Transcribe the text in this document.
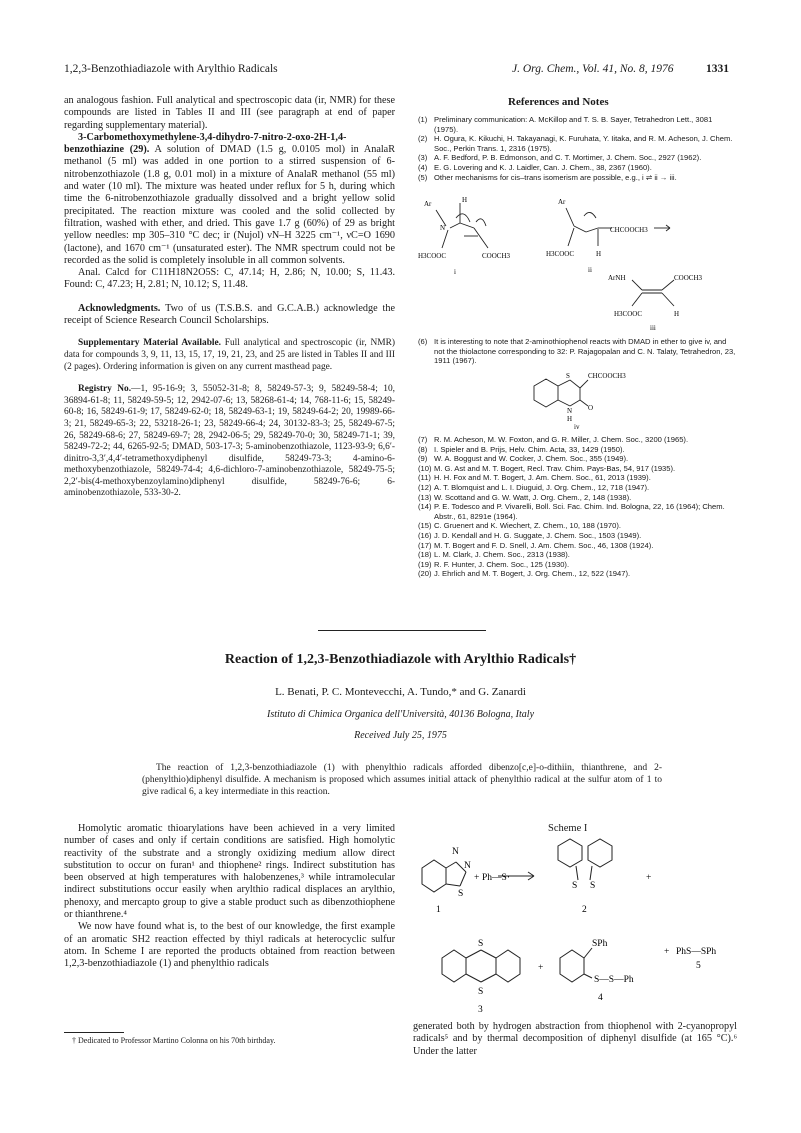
1,2,3-Benzothiadiazole with Arylthio Radicals	J. Org. Chem., Vol. 41, No. 8, 1976	1331

an analogous fashion. Full analytical and spectroscopic data (ir, NMR) for these compounds are listed in Tables II and III (see paragraph at end of paper regarding supplementary material).

3-Carbomethoxymethylene-3,4-dihydro-7-nitro-2-oxo-2H-1,4-benzothiazine (29). A solution of DMAD (1.5 g, 0.0105 mol) in AnalaR methanol (5 ml) was added in one portion to a stirred suspension of 6-nitrobenzothiazole (1.8 g, 0.01 mol) in a mixture of AnalaR methanol (55 ml) and water (10 ml). The mixture was heated under reflux for 5 h, during which time the 6-nitrobenzothiazole gradually dissolved and a bright yellow solid precipitated. The reaction mixture was cooled and the solid collected by filtration, washed with ether, and dried. This gave 1.7 g (60%) of 29 as bright yellow needles: mp 305–310 °C dec; ir (Nujol) νN–H 3225 cm⁻¹, νC=O 1690 (lactone), and 1670 cm⁻¹ (unsaturated ester). The NMR spectrum could not be recorded as the solid is completely insoluble in all common solvents.

Anal. Calcd for C11H18N2O5S: C, 47.14; H, 2.86; N, 10.00; S, 11.43. Found: C, 47.23; H, 2.81; N, 10.12; S, 11.48.

Acknowledgments. Two of us (T.S.B.S. and G.C.A.B.) acknowledge the receipt of Science Research Council Scholarships.

Supplementary Material Available. Full analytical and spectroscopic (ir, NMR) data for compounds 3, 9, 11, 13, 15, 17, 19, 21, 23, and 25 are listed in Tables II and III (2 pages). Ordering information is given on any current masthead page.

Registry No.—1, 95-16-9; 3, 55052-31-8; 8, 58249-57-3; 9, 58249-58-4; 10, 36894-61-8; 11, 58249-59-5; 12, 2942-07-6; 13, 58268-61-4; 14, 768-11-6; 15, 58249-60-8; 16, 58249-61-9; 17, 58249-62-0; 18, 58249-63-1; 19, 58249-64-2; 20, 19989-66-3; 21, 58249-65-3; 22, 53218-26-1; 23, 58249-66-4; 24, 30132-83-3; 25, 58249-67-5; 26, 58249-68-6; 27, 58249-69-7; 28, 2942-06-5; 29, 58249-70-0; 30, 58249-71-1; 39, 58249-72-2; 44, 6265-92-5; DMAD, 503-17-3; 5-aminobenzothiazole, 1123-93-9; 6,6′-dinitro-3,3′,4,4′-tetramethoxydiphenyl disulfide, 58249-73-3; 4-amino-6-methoxybenzothiazole, 58249-74-4; 4,6-dichloro-7-aminobenzothiazole, 58249-75-5; 2,2′-bis(4-methoxybenzoylamino)diphenyl disulfide, 58249-76-6; 6-aminobenzothiazole, 533-30-2.

References and Notes
(1) Preliminary communication: A. McKillop and T. S. B. Sayer, Tetrahedron Lett., 3081 (1975).
(2) H. Ogura, K. Kikuchi, H. Takayanagi, K. Furuhata, Y. Iitaka, and R. M. Acheson, J. Chem. Soc., Perkin Trans. 1, 2316 (1975).
(3) A. F. Bedford, P. B. Edmonson, and C. T. Mortimer, J. Chem. Soc., 2927 (1962).
(4) E. G. Lovering and K. J. Laidler, Can. J. Chem., 38, 2367 (1960).
(5) Other mechanisms for cis–trans isomerism are possible, e.g., i ⇌ ii → iii.
Ar	H
N
H3COOC	COOCH3
i
Ar
CHCOOCH3
H3COOC	H
ii
ArNH	COOCH3
H3COOC	H
iii
(6) It is interesting to note that 2-aminothiophenol reacts with DMAD in ether to give iv, and not the thiolactone corresponding to 32: P. Rajagopalan and C. N. Talaty, Tetrahedron, 23, 1911 (1967).
S	CHCOOCH3
N
H
O
iv
(7) R. M. Acheson, M. W. Foxton, and G. R. Miller, J. Chem. Soc., 3200 (1965).
(8) I. Spieler and B. Prijs, Helv. Chim. Acta, 33, 1429 (1950).
(9) W. A. Boggust and W. Cocker, J. Chem. Soc., 355 (1949).
(10) M. G. Ast and M. T. Bogert, Recl. Trav. Chim. Pays-Bas, 54, 917 (1935).
(11) H. H. Fox and M. T. Bogert, J. Am. Chem. Soc., 61, 2013 (1939).
(12) A. T. Blomquist and L. I. Diuguid, J. Org. Chem., 12, 718 (1947).
(13) W. Scottand and G. W. Watt, J. Org. Chem., 2, 148 (1938).
(14) P. E. Todesco and P. Vivarelli, Boll. Sci. Fac. Chim. Ind. Bologna, 22, 16 (1964); Chem. Abstr., 61, 8291e (1964).
(15) C. Gruenert and K. Wiechert, Z. Chem., 10, 188 (1970).
(16) J. D. Kendall and H. G. Suggate, J. Chem. Soc., 1503 (1949).
(17) M. T. Bogert and F. D. Snell, J. Am. Chem. Soc., 46, 1308 (1924).
(18) L. M. Clark, J. Chem. Soc., 2313 (1938).
(19) R. F. Hunter, J. Chem. Soc., 125 (1930).
(20) J. Ehrlich and M. T. Bogert, J. Org. Chem., 12, 522 (1947).
Reaction of 1,2,3-Benzothiadiazole with Arylthio Radicals†
L. Benati, P. C. Montevecchi, A. Tundo,* and G. Zanardi
Istituto di Chimica Organica dell'Università, 40136 Bologna, Italy
Received July 25, 1975
The reaction of 1,2,3-benzothiadiazole (1) with phenylthio radicals afforded dibenzo[c,e]-o-dithiin, thianthrene, and 2-(phenylthio)diphenyl disulfide. A mechanism is proposed which assumes initial attack of phenylthio radical at the sulfur atom of 1 to give radical 6, a key intermediate in this reaction.

Homolytic aromatic thioarylations have been achieved in a very limited number of cases and only if certain conditions are satisfied. High homolytic reactivity of the substrate and a strongly oxidizing medium allow direct substitution to occur on furan¹ and thiophene² rings. Indirect substitution has been observed at high temperatures with halobenzenes,³ while intramolecular indirect substitutions occur easily when arylthio radical displaces an arylthio, phenoxy, and mercapto group to give a stable product such as dibenzothiophene or thianthrene.⁴

We now have found what is, to the best of our knowledge, the first example of an aromatic SH2 reaction effected by thiyl radicals at heterocyclic sulfur atom. In Scheme I are reported the products obtained from reaction between 1,2,3-benzothiadiazole (1) and phenylthio radicals

† Dedicated to Professor Martino Colonna on his 70th birthday.
Scheme I
N
N
S
+ Ph—S·
S S
+
1	2
S
S
+
SPh
S—S—Ph
+ PhS—SPh
3
4
5
generated both by hydrogen abstraction from thiophenol with 2-cyanopropyl radicals⁵ and by thermal decomposition of diphenyl disulfide (at 165 °C).⁶ Under the latter
